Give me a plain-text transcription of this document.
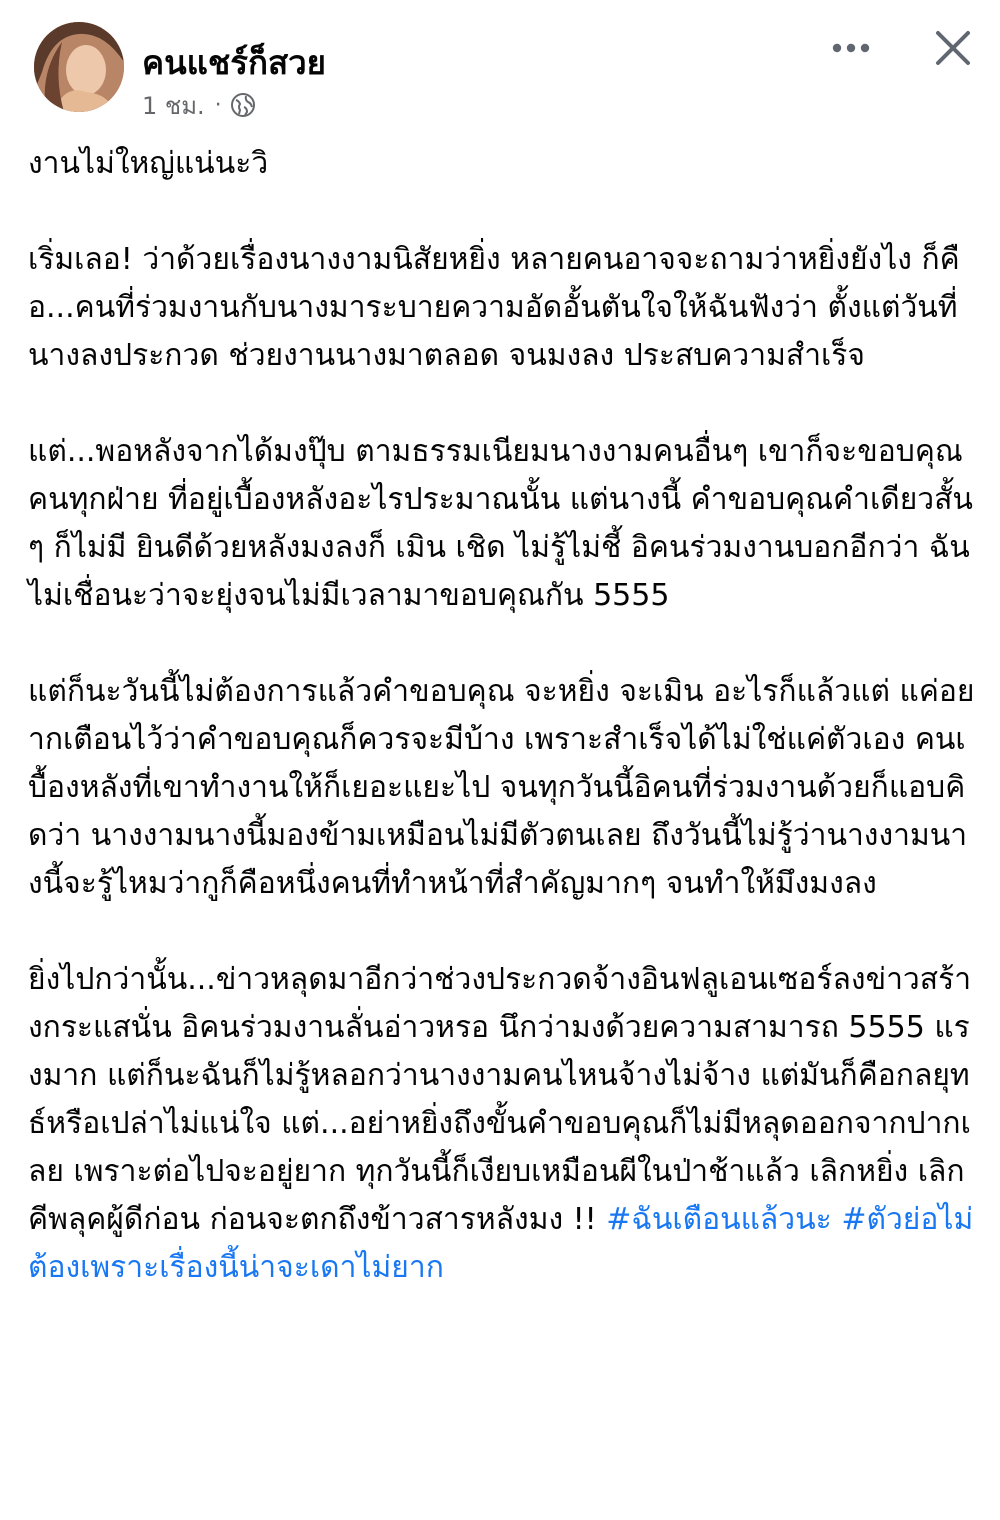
คนแชร์ก็สวย
1 ชม. ·

งานไม่ใหญ่แน่นะวิ

เริ่มเลอ! ว่าด้วยเรื่องนางงามนิสัยหยิ่ง หลายคนอาจจะถามว่าหยิ่งยังไง ก็คือ...คนที่ร่วมงานกับนางมาระบายความอัดอั้นตันใจให้ฉันฟังว่า ตั้งแต่วันที่นางลงประกวด ช่วยงานนางมาตลอด จนมงลง ประสบความสำเร็จ

แต่...พอหลังจากได้มงปุ๊บ ตามธรรมเนียมนางงามคนอื่นๆ เขาก็จะขอบคุณ คนทุกฝ่าย ที่อยู่เบื้องหลังอะไรประมาณนั้น แต่นางนี้ คำขอบคุณคำเดียวสั้นๆ ก็ไม่มี ยินดีด้วยหลังมงลงก็ เมิน เชิด ไม่รู้ไม่ชี้ อิคนร่วมงานบอกอีกว่า ฉันไม่เชื่อนะว่าจะยุ่งจนไม่มีเวลามาขอบคุณกัน 5555

แต่ก็นะวันนี้ไม่ต้องการแล้วคำขอบคุณ จะหยิ่ง จะเมิน อะไรก็แล้วแต่ แค่อยากเตือนไว้ว่าคำขอบคุณก็ควรจะมีบ้าง เพราะสำเร็จได้ไม่ใช่แค่ตัวเอง คนเบื้องหลังที่เขาทำงานให้ก็เยอะแยะไป จนทุกวันนี้อิคนที่ร่วมงานด้วยก็แอบคิดว่า นางงามนางนี้มองข้ามเหมือนไม่มีตัวตนเลย ถึงวันนี้ไม่รู้ว่านางงามนางนี้จะรู้ไหมว่ากูก็คือหนึ่งคนที่ทำหน้าที่สำคัญมากๆ จนทำให้มึงมงลง

ยิ่งไปกว่านั้น...ข่าวหลุดมาอีกว่าช่วงประกวดจ้างอินฟลูเอนเซอร์ลงข่าวสร้างกระแสนั่น อิคนร่วมงานลั่นอ่าวหรอ นึกว่ามงด้วยความสามารถ 5555 แรงมาก แต่ก็นะฉันก็ไม่รู้หลอกว่านางงามคนไหนจ้างไม่จ้าง แต่มันก็คือกลยุทธ์หรือเปล่าไม่แน่ใจ แต่...อย่าหยิ่งถึงขั้นคำขอบคุณก็ไม่มีหลุดออกจากปากเลย เพราะต่อไปจะอยู่ยาก ทุกวันนี้ก็เงียบเหมือนผีในป่าช้าแล้ว เลิกหยิ่ง เลิกคีพลุคผู้ดีก่อน ก่อนจะตกถึงข้าวสารหลังมง !! #ฉันเตือนแล้วนะ #ตัวย่อไม่ต้องเพราะเรื่องนี้น่าจะเดาไม่ยาก
